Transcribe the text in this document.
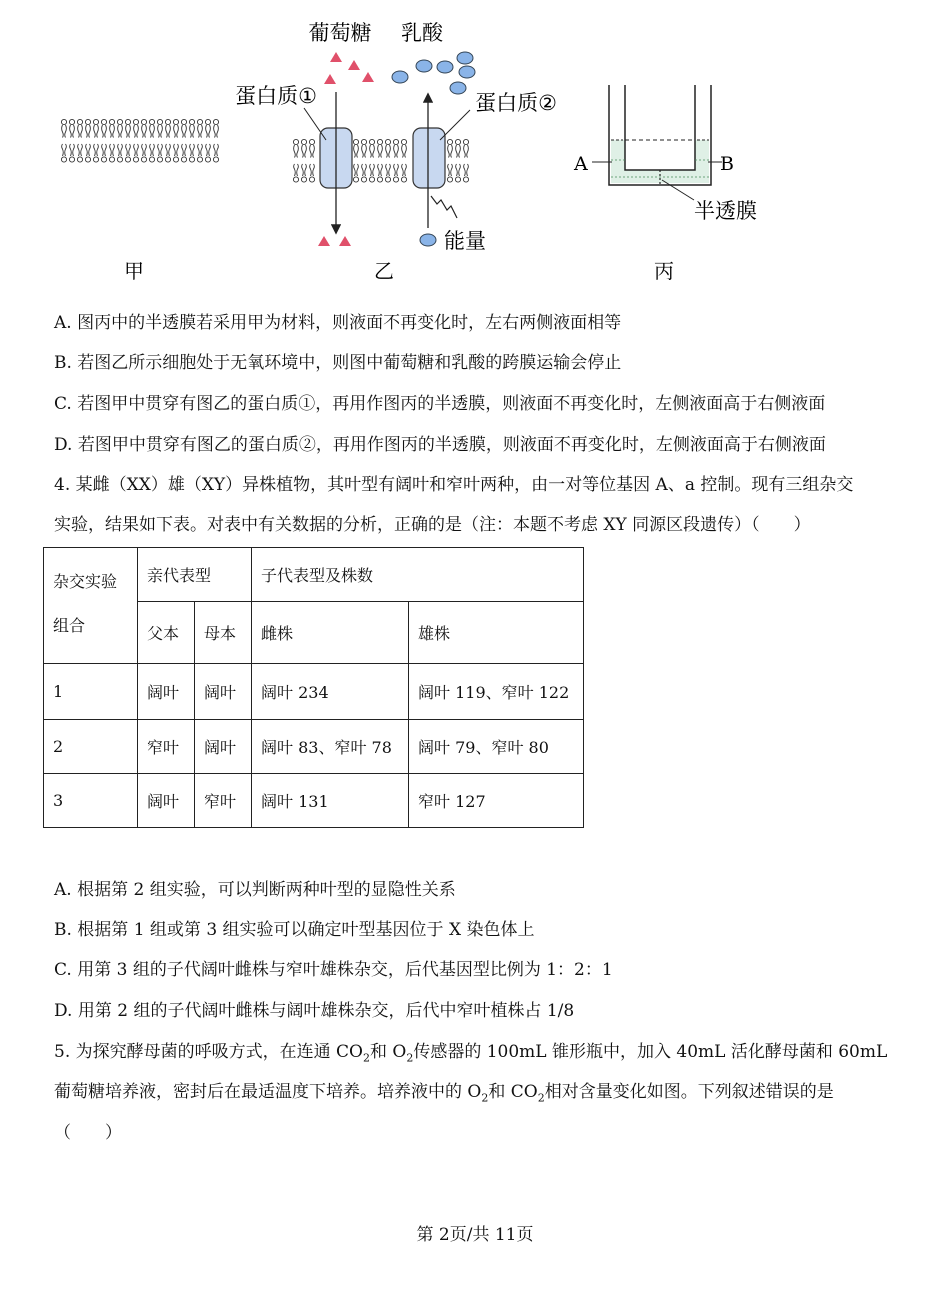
甲
葡萄糖 乳酸
蛋白质①	蛋白质②
能量
乙
A	B
半透膜
丙
A. 图丙中的半透膜若采用甲为材料，则液面不再变化时，左右两侧液面相等
B. 若图乙所示细胞处于无氧环境中，则图中葡萄糖和乳酸的跨膜运输会停止
C. 若图甲中贯穿有图乙的蛋白质①，再用作图丙的半透膜，则液面不再变化时，左侧液面高于右侧液面
D. 若图甲中贯穿有图乙的蛋白质②，再用作图丙的半透膜，则液面不再变化时，左侧液面高于右侧液面
4. 某雌（XX）雄（XY）异株植物，其叶型有阔叶和窄叶两种，由一对等位基因 A、a 控制。现有三组杂交
实验，结果如下表。对表中有关数据的分析，正确的是（注：本题不考虑 XY 同源区段遗传）（　　）
杂交实验
组合	亲代表型		子代表型及株数	
	父本	母本	雌株	雄株
1	阔叶	阔叶	阔叶 234	阔叶 119、窄叶 122
2	窄叶	阔叶	阔叶 83、窄叶 78	阔叶 79、窄叶 80
3	阔叶	窄叶	阔叶 131	窄叶 127
A. 根据第 2 组实验，可以判断两种叶型的显隐性关系
B. 根据第 1 组或第 3 组实验可以确定叶型基因位于 X 染色体上
C. 用第 3 组的子代阔叶雌株与窄叶雄株杂交，后代基因型比例为 1：2：1
D. 用第 2 组的子代阔叶雌株与阔叶雄株杂交，后代中窄叶植株占 1/8
5. 为探究酵母菌的呼吸方式，在连通 $CO_2$和 $O_2$传感器的 100mL 锥形瓶中，加入 40mL 活化酵母菌和 60mL
葡萄糖培养液，密封后在最适温度下培养。培养液中的 $O_2$和 $CO_2$相对含量变化如图。下列叙述错误的是
（　　）
第 2页/共 11页
